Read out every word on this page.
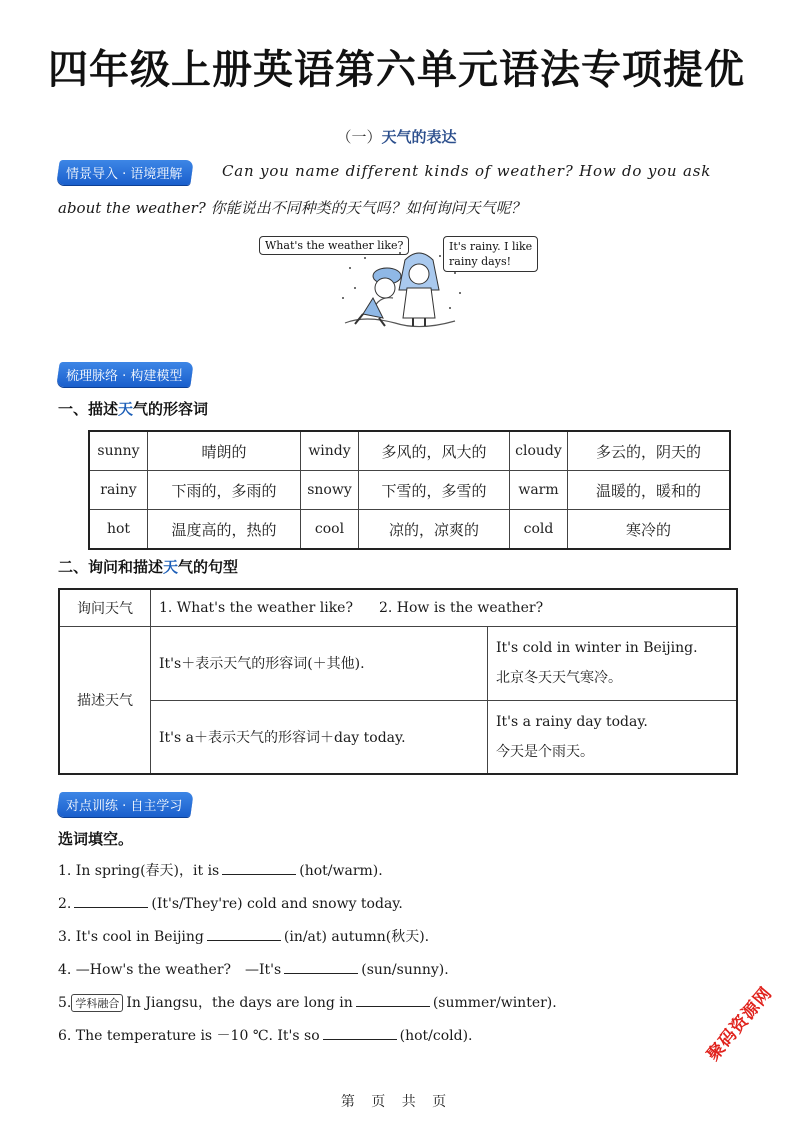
四年级上册英语第六单元语法专项提优
（一）天气的表达
情景导入 · 语境理解	Can you name different kinds of weather? How do you ask
about the weather? 你能说出不同种类的天气吗？如何询问天气呢？
What's the weather like?	It's rainy. I like
rainy days!
梳理脉络 · 构建模型
一、描述天气的形容词
sunny	晴朗的	windy	多风的，风大的	cloudy	多云的，阴天的
rainy	下雨的，多雨的	snowy	下雪的，多雪的	warm	温暖的，暖和的
hot	温度高的，热的	cool	凉的，凉爽的	cold	寒冷的
二、询问和描述天气的句型
询问天气	1. What's the weather like? 2. How is the weather?	
描述天气	It's＋表示天气的形容词(＋其他).	It's cold in winter in Beijing.
北京冬天天气寒冷。

	It's a＋表示天气的形容词＋day today.	It's a rainy day today.
今天是个雨天。
对点训练 · 自主学习
选词填空。
1. In spring(春天)，it is	(hot/warm).
2.	(It's/They're) cold and snowy today.
3. It's cool in Beijing	(in/at) autumn(秋天).
4. —How's the weather?　—It's	(sun/sunny).
5. 学科融合 In Jiangsu，the days are long in	(summer/winter).
6. The temperature is －10 ℃. It's so	(hot/cold).	聚码资源网
第 页 共 页
